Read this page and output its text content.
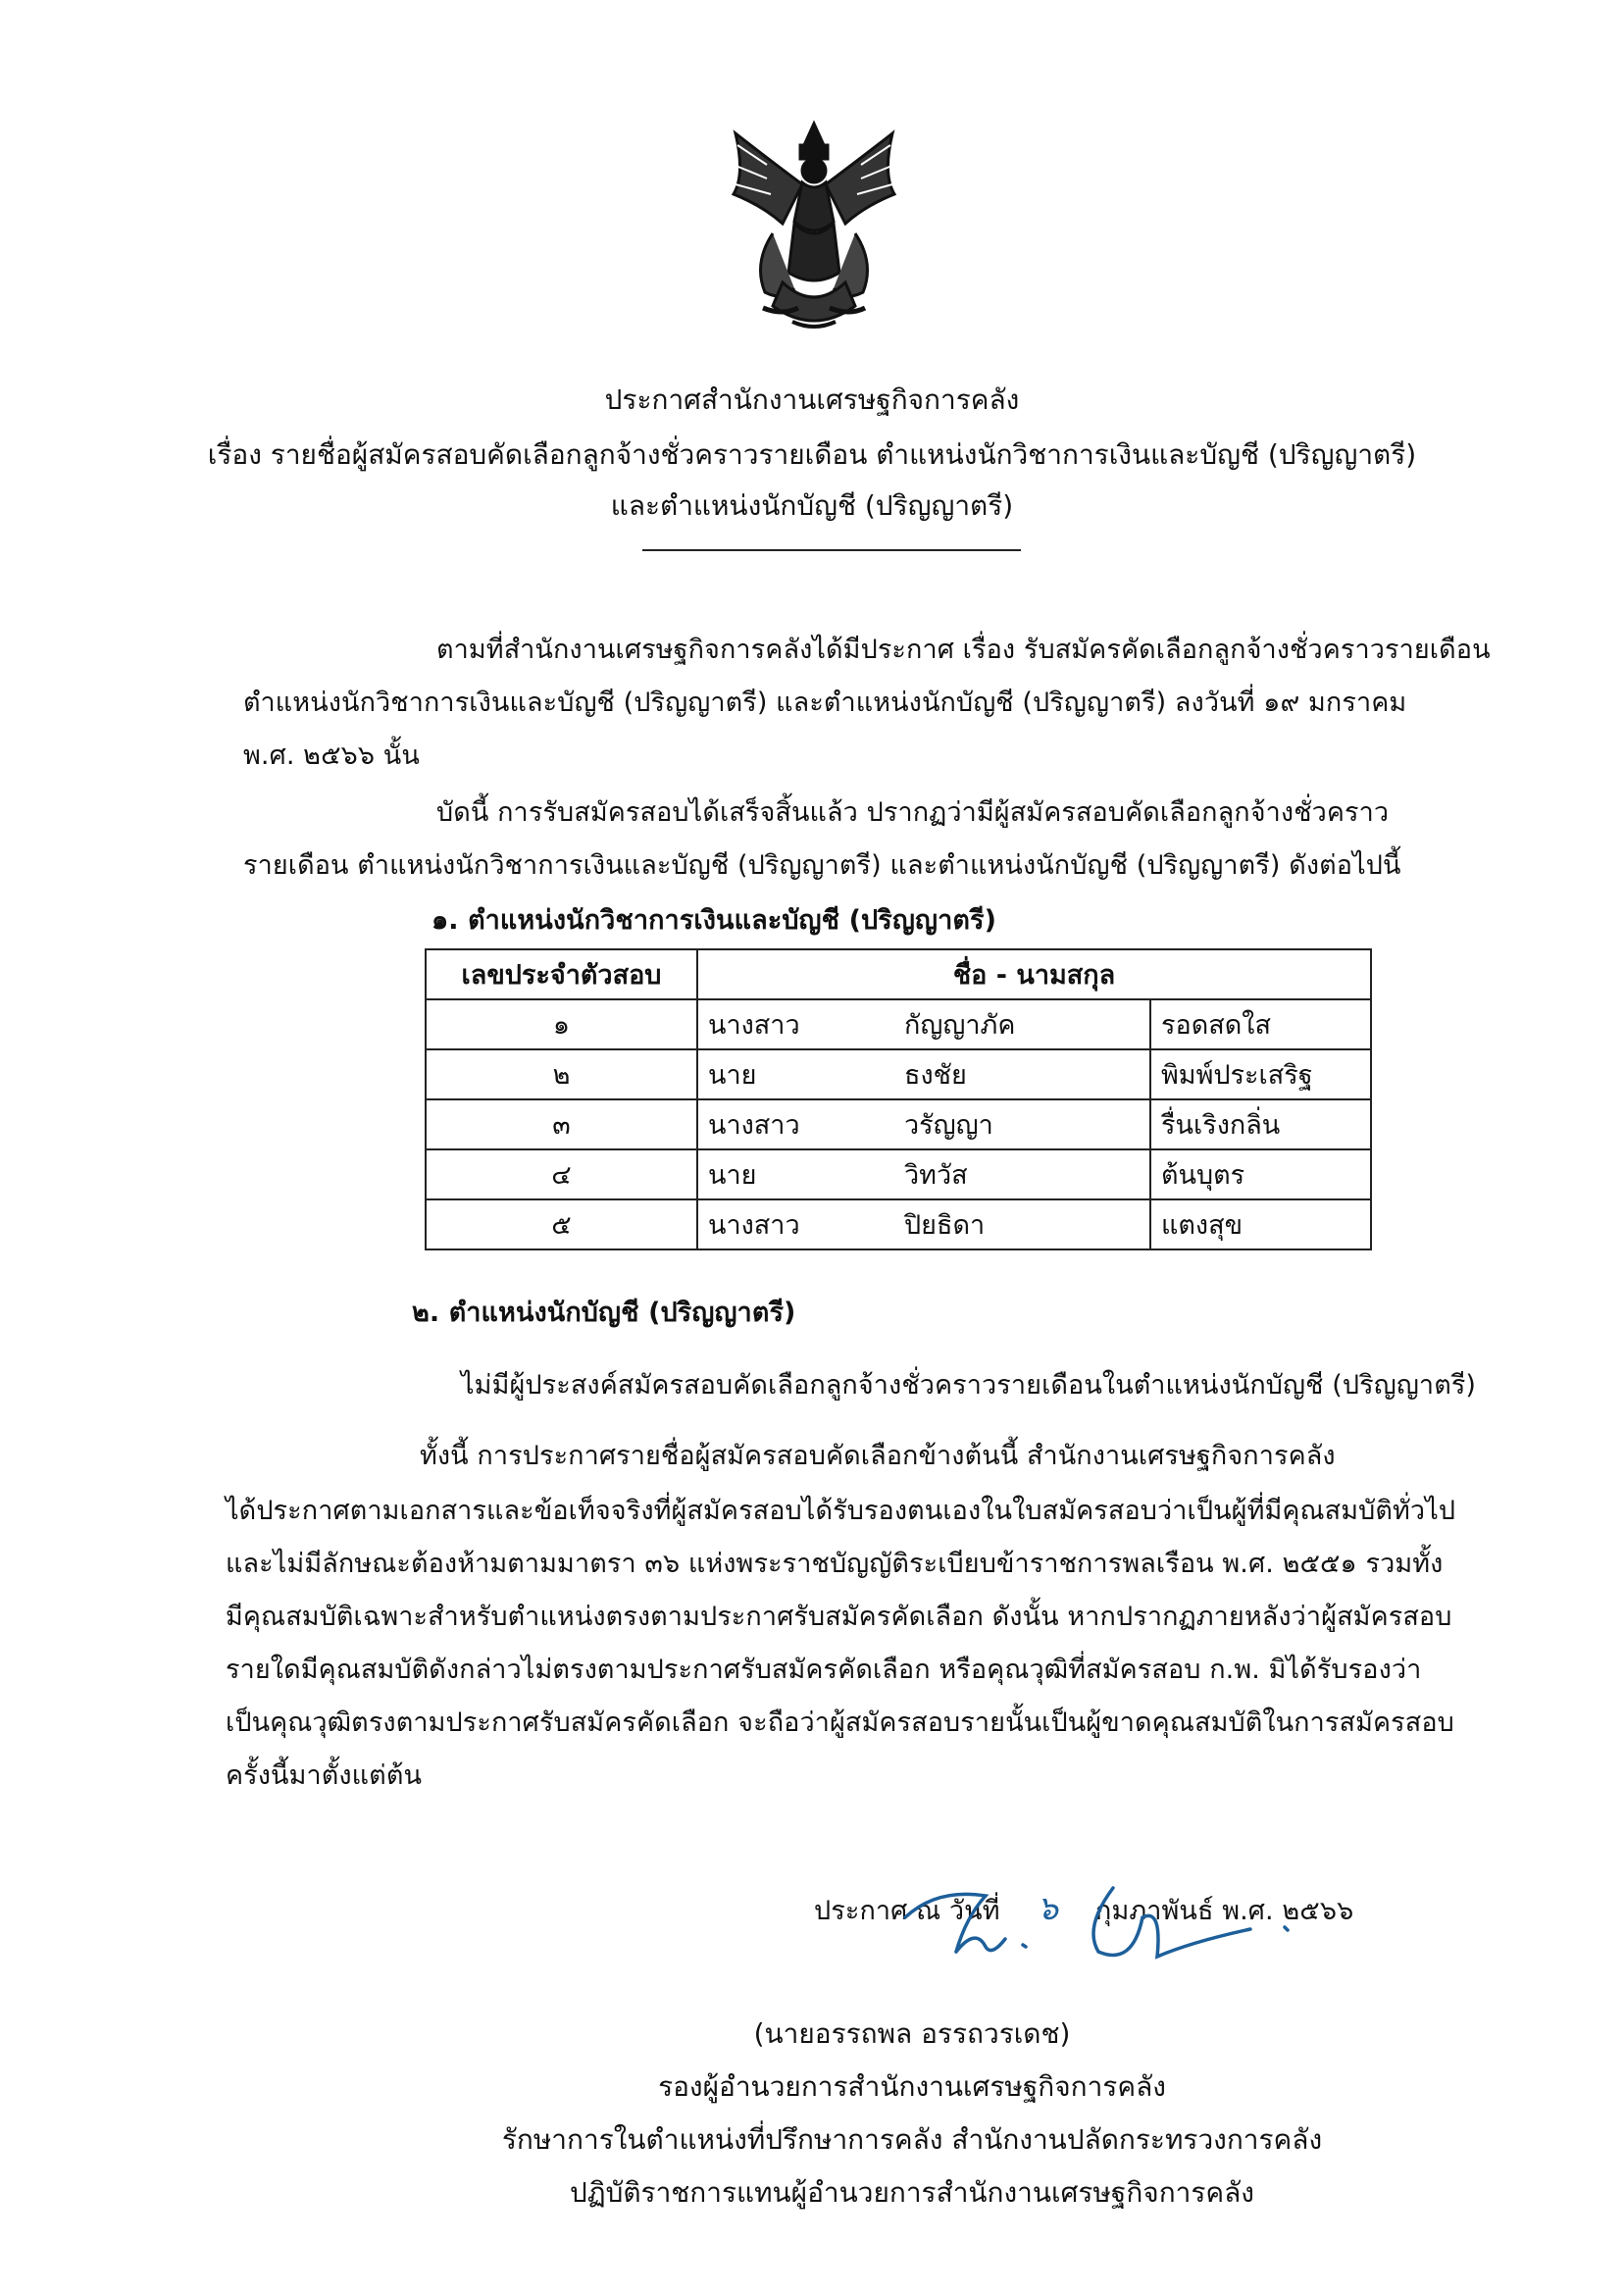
ประกาศสำนักงานเศรษฐกิจการคลัง
เรื่อง รายชื่อผู้สมัครสอบคัดเลือกลูกจ้างชั่วคราวรายเดือน ตำแหน่งนักวิชาการเงินและบัญชี (ปริญญาตรี)
และตำแหน่งนักบัญชี (ปริญญาตรี)
ตามที่สำนักงานเศรษฐกิจการคลังได้มีประกาศ เรื่อง รับสมัครคัดเลือกลูกจ้างชั่วคราวรายเดือน
ตำแหน่งนักวิชาการเงินและบัญชี (ปริญญาตรี) และตำแหน่งนักบัญชี (ปริญญาตรี) ลงวันที่ ๑๙ มกราคม
พ.ศ. ๒๕๖๖ นั้น
บัดนี้ การรับสมัครสอบได้เสร็จสิ้นแล้ว ปรากฏว่ามีผู้สมัครสอบคัดเลือกลูกจ้างชั่วคราว
รายเดือน ตำแหน่งนักวิชาการเงินและบัญชี (ปริญญาตรี) และตำแหน่งนักบัญชี (ปริญญาตรี) ดังต่อไปนี้
๑. ตำแหน่งนักวิชาการเงินและบัญชี (ปริญญาตรี)
เลขประจำตัวสอบ	ชื่อ - นามสกุล		
๑	นางสาว	กัญญาภัค	รอดสดใส
๒	นาย	ธงชัย	พิมพ์ประเสริฐ
๓	นางสาว	วรัญญา	รื่นเริงกลิ่น
๔	นาย	วิทวัส	ต้นบุตร
๕	นางสาว	ปิยธิดา	แตงสุข
๒. ตำแหน่งนักบัญชี (ปริญญาตรี)
ไม่มีผู้ประสงค์สมัครสอบคัดเลือกลูกจ้างชั่วคราวรายเดือนในตำแหน่งนักบัญชี (ปริญญาตรี)
ทั้งนี้ การประกาศรายชื่อผู้สมัครสอบคัดเลือกข้างต้นนี้ สำนักงานเศรษฐกิจการคลัง
ได้ประกาศตามเอกสารและข้อเท็จจริงที่ผู้สมัครสอบได้รับรองตนเองในใบสมัครสอบว่าเป็นผู้ที่มีคุณสมบัติทั่วไป
และไม่มีลักษณะต้องห้ามตามมาตรา ๓๖ แห่งพระราชบัญญัติระเบียบข้าราชการพลเรือน พ.ศ. ๒๕๕๑ รวมทั้ง
มีคุณสมบัติเฉพาะสำหรับตำแหน่งตรงตามประกาศรับสมัครคัดเลือก ดังนั้น หากปรากฏภายหลังว่าผู้สมัครสอบ
รายใดมีคุณสมบัติดังกล่าวไม่ตรงตามประกาศรับสมัครคัดเลือก หรือคุณวุฒิที่สมัครสอบ ก.พ. มิได้รับรองว่า
เป็นคุณวุฒิตรงตามประกาศรับสมัครคัดเลือก จะถือว่าผู้สมัครสอบรายนั้นเป็นผู้ขาดคุณสมบัติในการสมัครสอบ
ครั้งนี้มาตั้งแต่ต้น
ประกาศ ณ วันที่ ๖ กุมภาพันธ์ พ.ศ. ๒๕๖๖
(นายอรรถพล อรรถวรเดช)
รองผู้อำนวยการสำนักงานเศรษฐกิจการคลัง
รักษาการในตำแหน่งที่ปรึกษาการคลัง สำนักงานปลัดกระทรวงการคลัง
ปฏิบัติราชการแทนผู้อำนวยการสำนักงานเศรษฐกิจการคลัง
